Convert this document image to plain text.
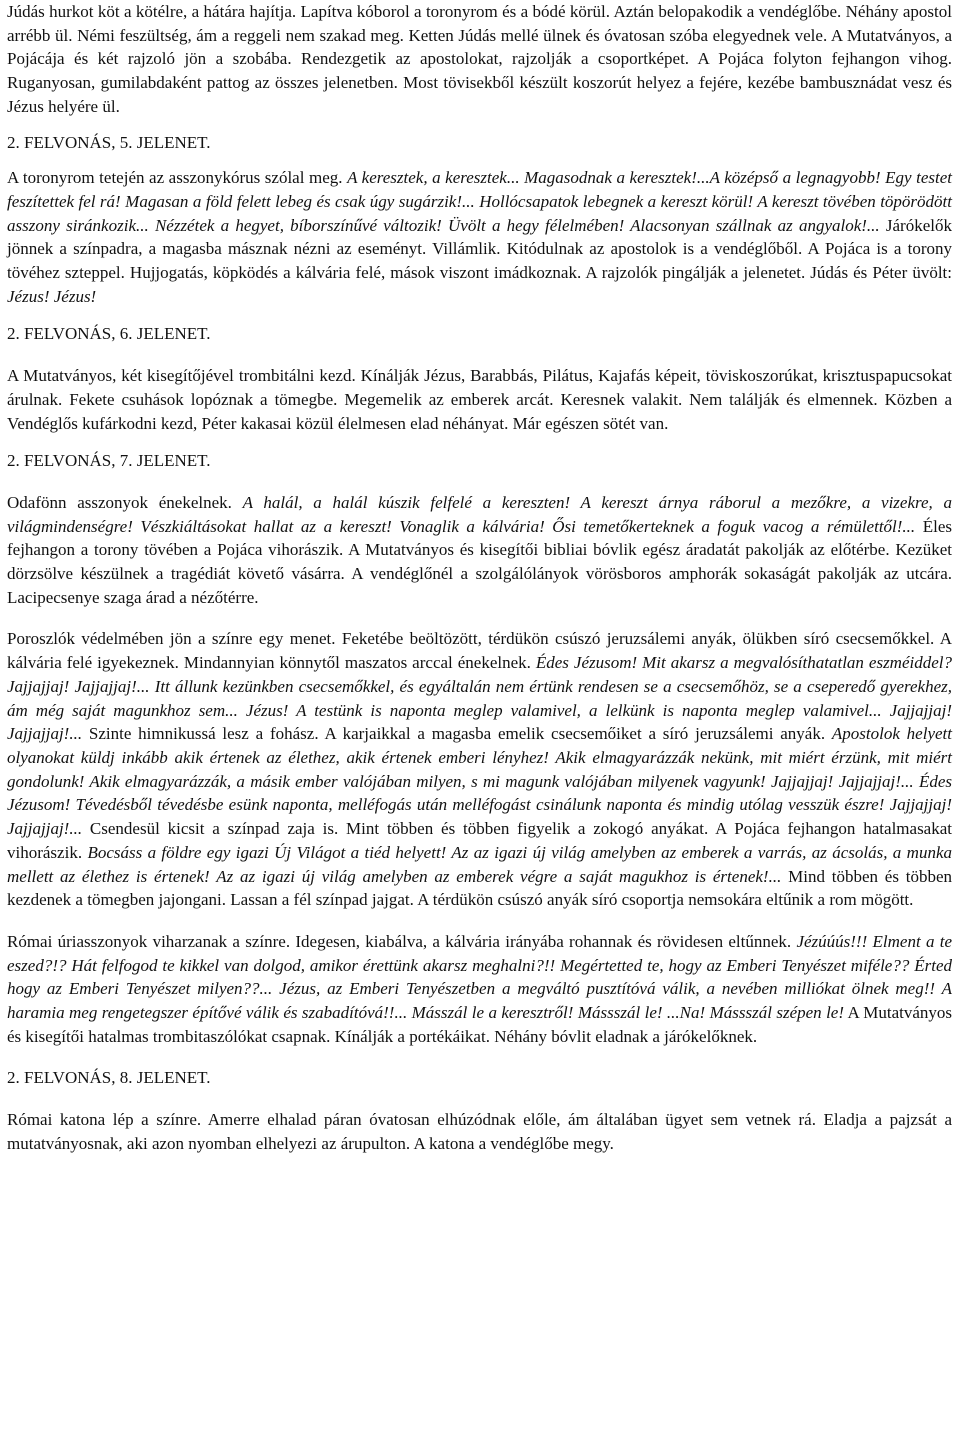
Júdás hurkot köt a kötélre, a hátára hajítja. Lapítva kóborol a toronyrom és a bódé körül. Aztán belopakodik a vendéglőbe. Néhány apostol arrébb ül. Némi feszültség, ám a reggeli nem szakad meg. Ketten Júdás mellé ülnek és óvatosan szóba elegyednek vele. A Mutatványos, a Pojácája és két rajzoló jön a szobába. Rendezgetik az apostolokat, rajzolják a csoportképet. A Pojáca folyton fejhangon vihog. Ruganyosan, gumilabdaként pattog az összes jelenetben. Most tövisekből készült koszorút helyez a fejére, kezébe bambusznádat vesz és Jézus helyére ül.

2. FELVONÁS, 5. JELENET.

A toronyrom tetején az asszonykórus szólal meg. A keresztek, a keresztek... Magasodnak a keresztek!...A középső a legnagyobb! Egy testet feszítettek fel rá! Magasan a föld felett lebeg és csak úgy sugárzik!... Hollócsapatok lebegnek a kereszt körül! A kereszt tövében töpörödött asszony siránkozik... Nézzétek a hegyet, bíborszínűvé változik! Üvölt a hegy félelmében! Alacsonyan szállnak az angyalok!... Járókelők jönnek a színpadra, a magasba másznak nézni az eseményt. Villámlik. Kitódulnak az apostolok is a vendéglőből. A Pojáca is a torony tövéhez szteppel. Hujjogatás, köpködés a kálvária felé, mások viszont imádkoznak. A rajzolók pingálják a jelenetet. Júdás és Péter üvölt: Jézus! Jézus!

2. FELVONÁS, 6. JELENET.

A Mutatványos, két kisegítőjével trombitálni kezd. Kínálják Jézus, Barabbás, Pilátus, Kajafás képeit, töviskoszorúkat, krisztuspapucsokat árulnak. Fekete csuhások lopóznak a tömegbe. Megemelik az emberek arcát. Keresnek valakit. Nem találják és elmennek. Közben a Vendéglős kufárkodni kezd, Péter kakasai közül élelmesen elad néhányat. Már egészen sötét van.

2. FELVONÁS, 7. JELENET.

Odafönn asszonyok énekelnek. A halál, a halál kúszik felfelé a kereszten! A kereszt árnya ráborul a mezőkre, a vizekre, a világmindenségre! Vészkiáltásokat hallat az a kereszt! Vonaglik a kálvária! Ősi temetőkerteknek a foguk vacog a rémülettől!... Éles fejhangon a torony tövében a Pojáca vihorászik. A Mutatványos és kisegítői bibliai bóvlik egész áradatát pakolják az előtérbe. Kezüket dörzsölve készülnek a tragédiát követő vásárra. A vendéglőnél a szolgálólányok vörösboros amphorák sokaságát pakolják az utcára. Lacipecsenye szaga árad a nézőtérre.

Poroszlók védelmében jön a színre egy menet. Feketébe beöltözött, térdükön csúszó jeruzsálemi anyák, ölükben síró csecsemőkkel. A kálvária felé igyekeznek. Mindannyian könnytől maszatos arccal énekelnek. Édes Jézusom! Mit akarsz a megvalósíthatatlan eszméiddel? Jajjajjaj! Jajjajjaj!... Itt állunk kezünkben csecsemőkkel, és egyáltalán nem értünk rendesen se a csecsemőhöz, se a cseperedő gyerekhez, ám még saját magunkhoz sem... Jézus! A testünk is naponta meglep valamivel, a lelkünk is naponta meglep valamivel... Jajjajjaj! Jajjajjaj!... Szinte himnikussá lesz a fohász. A karjaikkal a magasba emelik csecsemőiket a síró jeruzsálemi anyák. Apostolok helyett olyanokat küldj inkább akik értenek az élethez, akik értenek emberi lényhez! Akik elmagyarázzák nekünk, mit miért érzünk, mit miért gondolunk! Akik elmagyarázzák, a másik ember valójában milyen, s mi magunk valójában milyenek vagyunk! Jajjajjaj! Jajjajjaj!... Édes Jézusom! Tévedésből tévedésbe esünk naponta, melléfogás után melléfogást csinálunk naponta és mindig utólag vesszük észre! Jajjajjaj! Jajjajjaj!... Csendesül kicsit a színpad zaja is. Mint többen és többen figyelik a zokogó anyákat. A Pojáca fejhangon hatalmasakat vihorászik. Bocsáss a földre egy igazi Új Világot a tiéd helyett! Az az igazi új világ amelyben az emberek a varrás, az ácsolás, a munka mellett az élethez is értenek! Az az igazi új világ amelyben az emberek végre a saját magukhoz is értenek!... Mind többen és többen kezdenek a tömegben jajongani. Lassan a fél színpad jajgat. A térdükön csúszó anyák síró csoportja nemsokára eltűnik a rom mögött.

Római úriasszonyok viharzanak a színre. Idegesen, kiabálva, a kálvária irányába rohannak és rövidesen eltűnnek. Jézúúús!!! Elment a te eszed?!? Hát felfogod te kikkel van dolgod, amikor érettünk akarsz meghalni?!! Megértetted te, hogy az Emberi Tenyészet miféle?? Érted hogy az Emberi Tenyészet milyen??... Jézus, az Emberi Tenyészetben a megváltó pusztítóvá válik, a nevében milliókat ölnek meg!! A haramia meg rengetegszer építővé válik és szabadítóvá!!... Másszál le a keresztről! Mássszál le! ...Na! Mássszál szépen le! A Mutatványos és kisegítői hatalmas trombitaszólókat csapnak. Kínálják a portékáikat. Néhány bóvlit eladnak a járókelőknek.

2. FELVONÁS, 8. JELENET.

Római katona lép a színre. Amerre elhalad páran óvatosan elhúzódnak előle, ám általában ügyet sem vetnek rá. Eladja a pajzsát a mutatványosnak, aki azon nyomban elhelyezi az árupulton. A katona a vendéglőbe megy.
